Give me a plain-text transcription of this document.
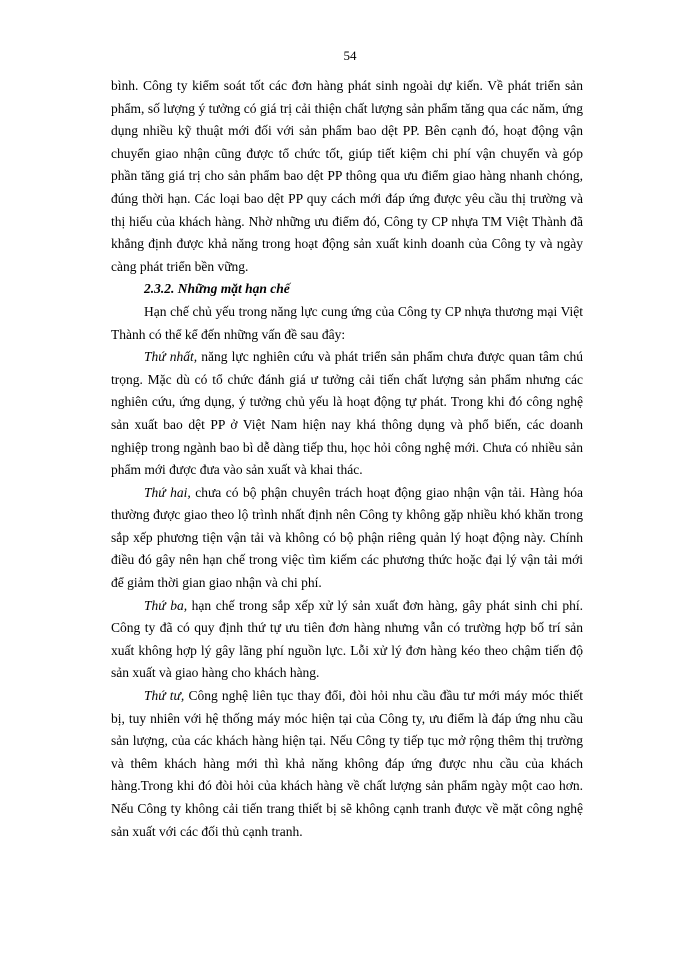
54

bình. Công ty kiểm soát tốt các đơn hàng phát sinh ngoài dự kiến. Về phát triển sản phẩm, số lượng ý tưởng có giá trị cải thiện chất lượng sản phẩm tăng qua các năm, ứng dụng nhiều kỹ thuật mới đối với sản phẩm bao dệt PP. Bên cạnh đó, hoạt động vận chuyển giao nhận cũng được tổ chức tốt, giúp tiết kiệm chi phí vận chuyển và góp phần tăng giá trị cho sản phẩm bao dệt PP thông qua ưu điểm giao hàng nhanh chóng, đúng thời hạn. Các loại bao dệt PP quy cách mới đáp ứng được yêu cầu thị trường và thị hiếu của khách hàng. Nhờ những ưu điểm đó, Công ty CP nhựa TM Việt Thành đã khẳng định được khả năng trong hoạt động sản xuất kinh doanh của Công ty và ngày càng phát triển bền vững.

2.3.2. Những mặt hạn chế

Hạn chế chủ yếu trong năng lực cung ứng của Công ty CP nhựa thương mại Việt Thành có thể kể đến những vấn đề sau đây:

Thứ nhất, năng lực nghiên cứu và phát triển sản phẩm chưa được quan tâm chú trọng. Mặc dù có tổ chức đánh giá ư tưởng cải tiến chất lượng sản phẩm nhưng các nghiên cứu, ứng dụng, ý tưởng chủ yếu là hoạt động tự phát. Trong khi đó công nghệ sản xuất bao dệt PP ở Việt Nam hiện nay khá thông dụng và phổ biến, các doanh nghiệp trong ngành bao bì dễ dàng tiếp thu, học hỏi công nghệ mới. Chưa có nhiều sản phẩm mới được đưa vào sản xuất và khai thác.

Thứ hai, chưa có bộ phận chuyên trách hoạt động giao nhận vận tải. Hàng hóa thường được giao theo lộ trình nhất định nên Công ty không gặp nhiều khó khăn trong sắp xếp phương tiện vận tải và không có bộ phận riêng quản lý hoạt động này. Chính điều đó gây nên hạn chế trong việc tìm kiếm các phương thức hoặc đại lý vận tải mới để giảm thời gian giao nhận và chi phí.

Thứ ba, hạn chế trong sắp xếp xử lý sản xuất đơn hàng, gây phát sinh chi phí. Công ty đã có quy định thứ tự ưu tiên đơn hàng nhưng vẫn có trường hợp bố trí sản xuất không hợp lý gây lãng phí nguồn lực. Lỗi xử lý đơn hàng kéo theo chậm tiến độ sản xuất và giao hàng cho khách hàng.

Thứ tư, Công nghệ liên tục thay đổi, đòi hỏi nhu cầu đầu tư mới máy móc thiết bị, tuy nhiên với hệ thống máy móc hiện tại của Công ty, ưu điểm là đáp ứng nhu cầu sản lượng, của các khách hàng hiện tại. Nếu Công ty tiếp tục mở rộng thêm thị trường và thêm khách hàng mới thì khả năng không đáp ứng được nhu cầu của khách hàng.Trong khi đó đòi hỏi của khách hàng về chất lượng sản phẩm ngày một cao hơn. Nếu Công ty không cải tiến trang thiết bị sẽ không cạnh tranh được về mặt công nghệ sản xuất với các đối thủ cạnh tranh.
